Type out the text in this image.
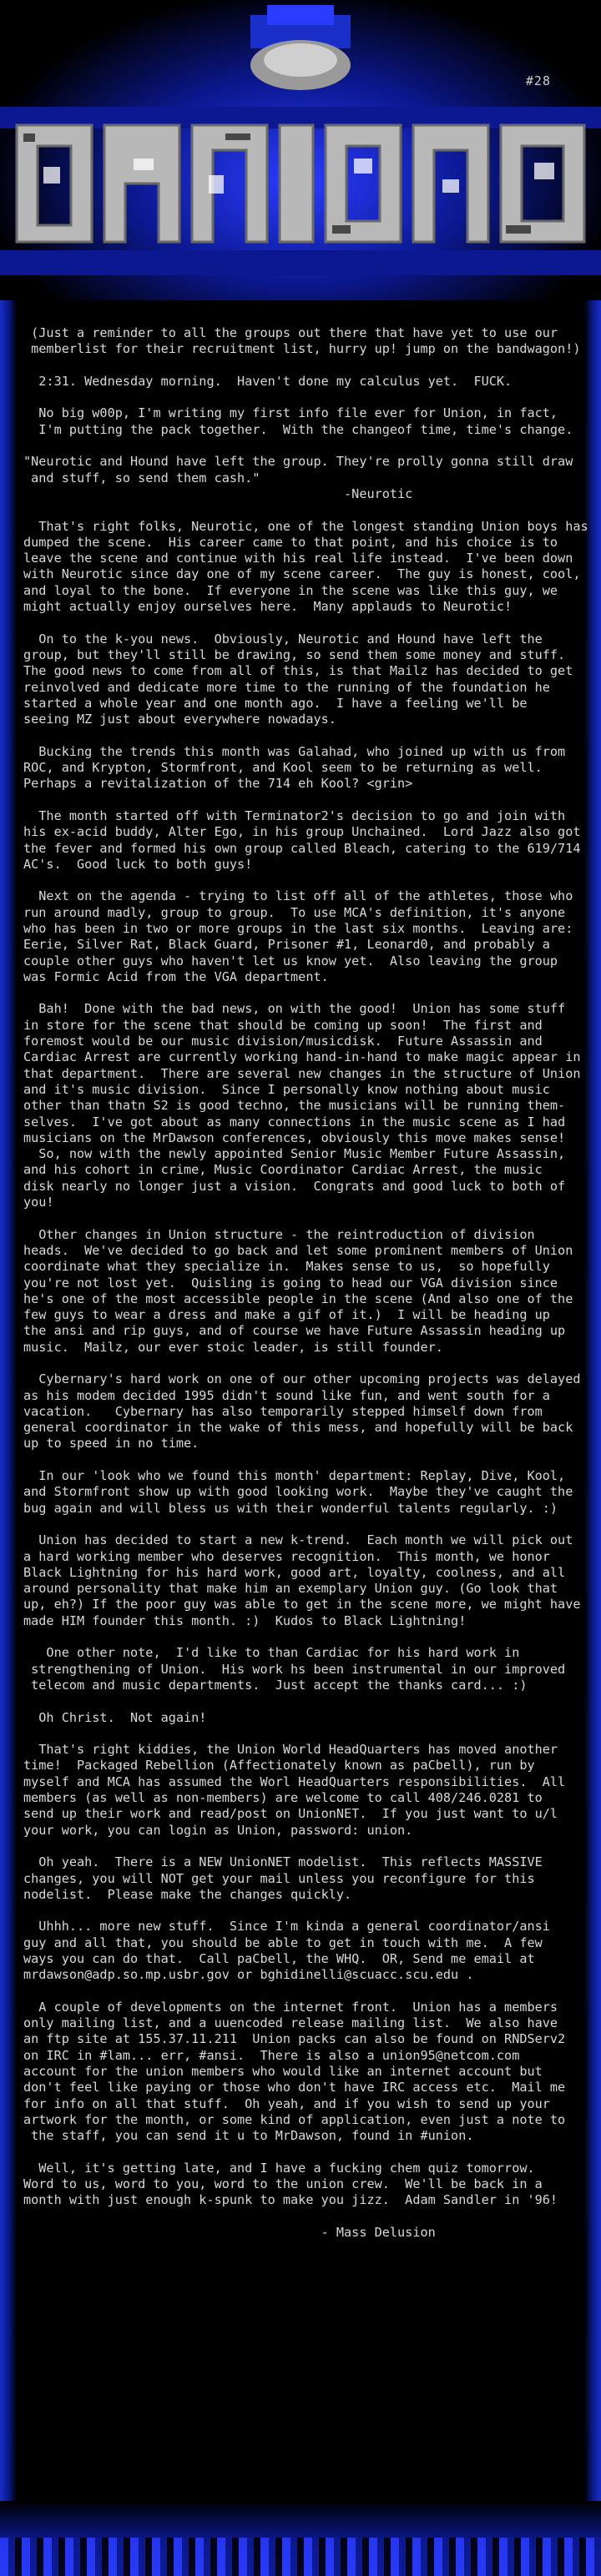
#28
(Just a reminder to all the groups out there that have yet to use our
memberlist for their recruitment list, hurry up! jump on the bandwagon!)

2:31. Wednesday morning.  Haven't done my calculus yet.  FUCK.

No big w00p, I'm writing my first info file ever for Union, in fact,
I'm putting the pack together.  With the changeof time, time's change.

"Neurotic and Hound have left the group. They're prolly gonna still draw
and stuff, so send them cash."
-Neurotic

That's right folks, Neurotic, one of the longest standing Union boys has
dumped the scene.  His career came to that point, and his choice is to
leave the scene and continue with his real life instead.  I've been down
with Neurotic since day one of my scene career.  The guy is honest, cool,
and loyal to the bone.  If everyone in the scene was like this guy, we
might actually enjoy ourselves here.  Many applauds to Neurotic!

On to the k-you news.  Obviously, Neurotic and Hound have left the
group, but they'll still be drawing, so send them some money and stuff.
The good news to come from all of this, is that Mailz has decided to get
reinvolved and dedicate more time to the running of the foundation he
started a whole year and one month ago.  I have a feeling we'll be
seeing MZ just about everywhere nowadays.

Bucking the trends this month was Galahad, who joined up with us from
ROC, and Krypton, Stormfront, and Kool seem to be returning as well.
Perhaps a revitalization of the 714 eh Kool? <grin>

The month started off with Terminator2's decision to go and join with
his ex-acid buddy, Alter Ego, in his group Unchained.  Lord Jazz also got
the fever and formed his own group called Bleach, catering to the 619/714
AC's.  Good luck to both guys!

Next on the agenda - trying to list off all of the athletes, those who
run around madly, group to group.  To use MCA's definition, it's anyone
who has been in two or more groups in the last six months.  Leaving are:
Eerie, Silver Rat, Black Guard, Prisoner #1, Leonard0, and probably a
couple other guys who haven't let us know yet.  Also leaving the group
was Formic Acid from the VGA department.

Bah!  Done with the bad news, on with the good!  Union has some stuff
in store for the scene that should be coming up soon!  The first and
foremost would be our music division/musicdisk.  Future Assassin and
Cardiac Arrest are currently working hand-in-hand to make magic appear in
that department.  There are several new changes in the structure of Union
and it's music division.  Since I personally know nothing about music
other than thatn S2 is good techno, the musicians will be running them-
selves.  I've got about as many connections in the music scene as I had
musicians on the MrDawson conferences, obviously this move makes sense!
So, now with the newly appointed Senior Music Member Future Assassin,
and his cohort in crime, Music Coordinator Cardiac Arrest, the music
disk nearly no longer just a vision.  Congrats and good luck to both of
you!

Other changes in Union structure - the reintroduction of division
heads.  We've decided to go back and let some prominent members of Union
coordinate what they specialize in.  Makes sense to us,  so hopefully
you're not lost yet.  Quisling is going to head our VGA division since
he's one of the most accessible people in the scene (And also one of the
few guys to wear a dress and make a gif of it.)  I will be heading up
the ansi and rip guys, and of course we have Future Assassin heading up
music.  Mailz, our ever stoic leader, is still founder.

Cybernary's hard work on one of our other upcoming projects was delayed
as his modem decided 1995 didn't sound like fun, and went south for a
vacation.   Cybernary has also temporarily stepped himself down from
general coordinator in the wake of this mess, and hopefully will be back
up to speed in no time.

In our 'look who we found this month' department: Replay, Dive, Kool,
and Stormfront show up with good looking work.  Maybe they've caught the
bug again and will bless us with their wonderful talents regularly. :)

Union has decided to start a new k-trend.  Each month we will pick out
a hard working member who deserves recognition.  This month, we honor
Black Lightning for his hard work, good art, loyalty, coolness, and all
around personality that make him an exemplary Union guy. (Go look that
up, eh?) If the poor guy was able to get in the scene more, we might have
made HIM founder this month. :)  Kudos to Black Lightning!

One other note,  I'd like to than Cardiac for his hard work in
strengthening of Union.  His work hs been instrumental in our improved
telecom and music departments.  Just accept the thanks card... :)

Oh Christ.  Not again!

That's right kiddies, the Union World HeadQuarters has moved another
time!  Packaged Rebellion (Affectionately known as paCbell), run by
myself and MCA has assumed the Worl HeadQuarters responsibilities.  All
members (as well as non-members) are welcome to call 408/246.0281 to
send up their work and read/post on UnionNET.  If you just want to u/l
your work, you can login as Union, password: union.

Oh yeah.  There is a NEW UnionNET modelist.  This reflects MASSIVE
changes, you will NOT get your mail unless you reconfigure for this
nodelist.  Please make the changes quickly.

Uhhh... more new stuff.  Since I'm kinda a general coordinator/ansi
guy and all that, you should be able to get in touch with me.  A few
ways you can do that.  Call paCbell, the WHQ.  OR, Send me email at
mrdawson@adp.so.mp.usbr.gov or bghidinelli@scuacc.scu.edu .

A couple of developments on the internet front.  Union has a members
only mailing list, and a uuencoded release mailing list.  We also have
an ftp site at 155.37.11.211  Union packs can also be found on RNDServ2
on IRC in #lam... err, #ansi.  There is also a union95@netcom.com
account for the union members who would like an internet account but
don't feel like paying or those who don't have IRC access etc.  Mail me
for info on all that stuff.  Oh yeah, and if you wish to send up your
artwork for the month, or some kind of application, even just a note to
the staff, you can send it u to MrDawson, found in #union.

Well, it's getting late, and I have a fucking chem quiz tomorrow.
Word to us, word to you, word to the union crew.  We'll be back in a
month with just enough k-spunk to make you jizz.  Adam Sandler in '96!

- Mass Delusion
